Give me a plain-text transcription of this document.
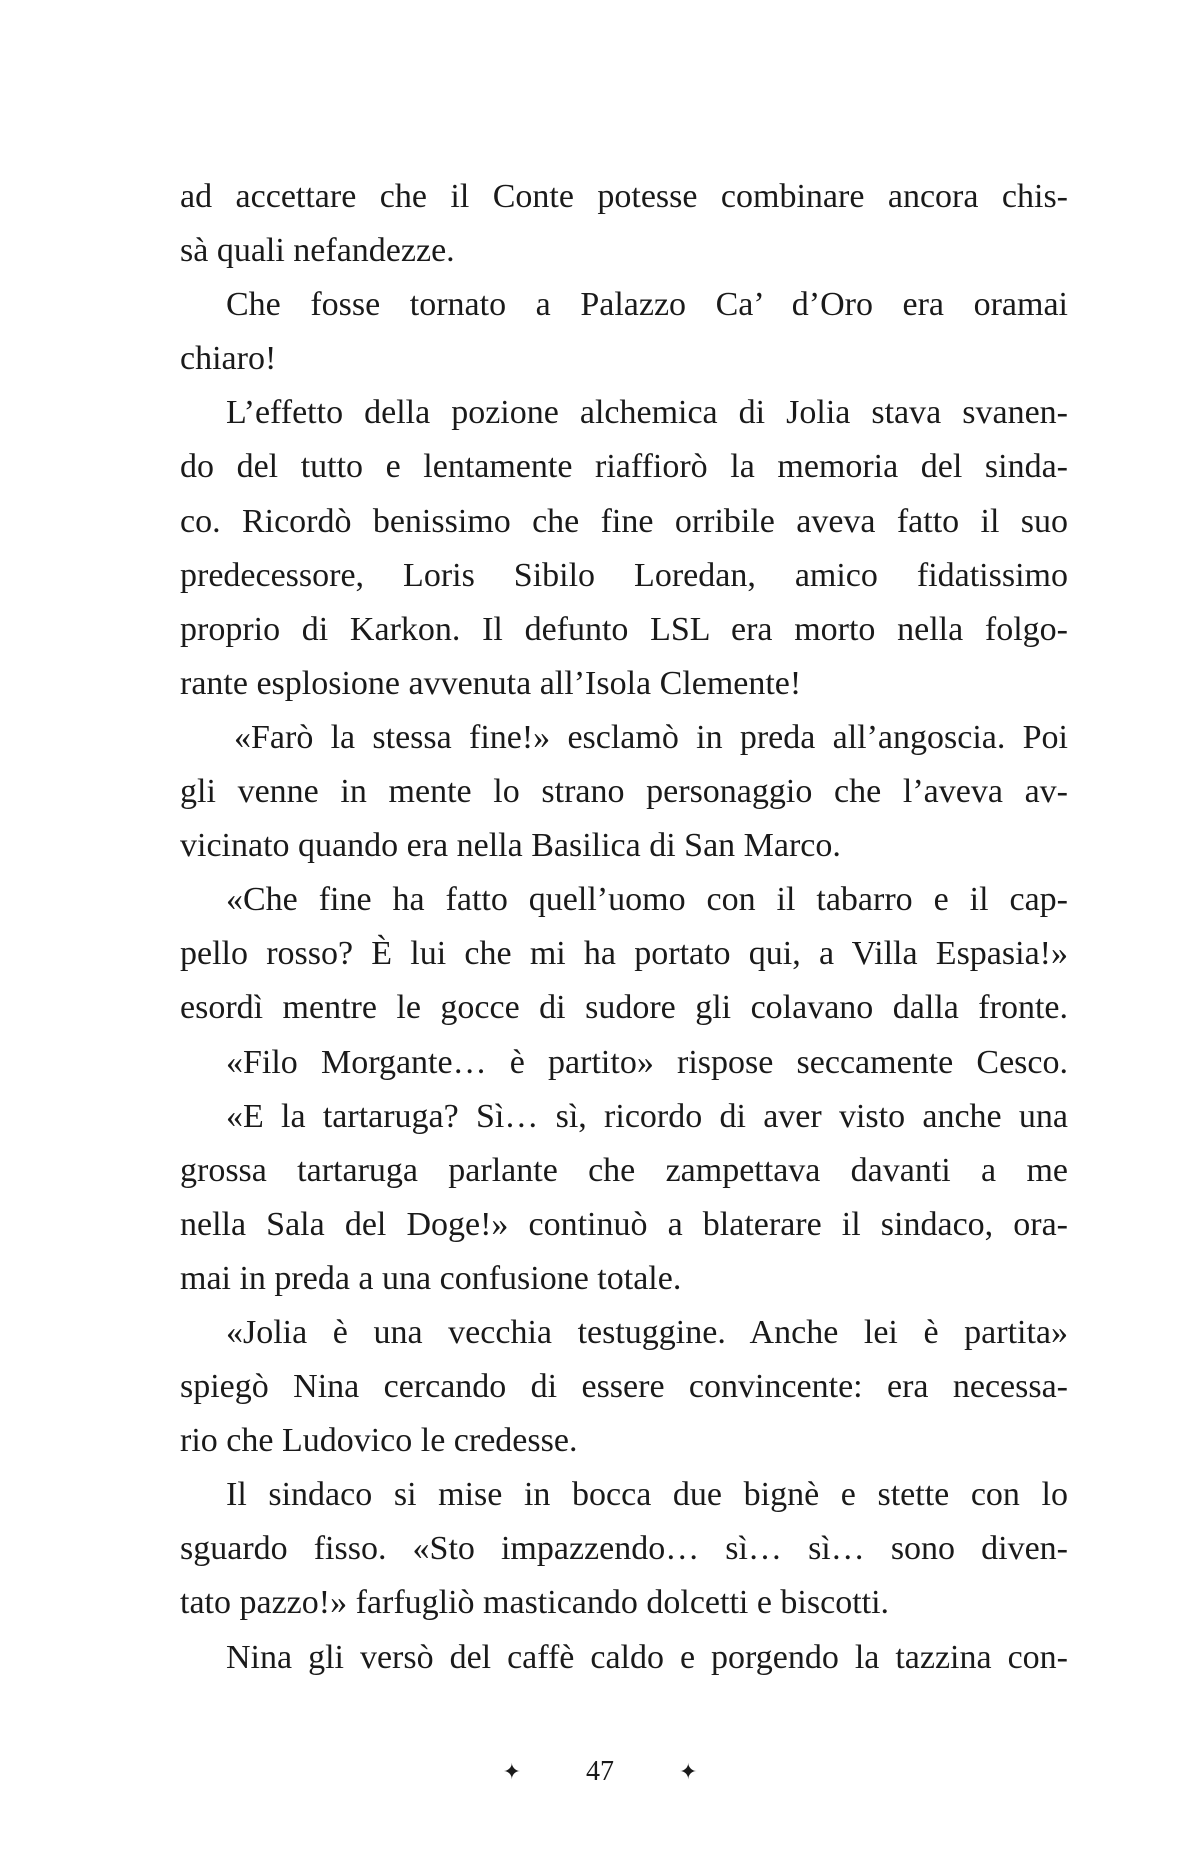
ad accettare che il Conte potesse combinare ancora chis-
sà quali nefandezze.
Che fosse tornato a Palazzo Ca’ d’Oro era oramai
chiaro!
L’effetto della pozione alchemica di Jolia stava svanen-
do del tutto e lentamente riaffiorò la memoria del sinda-
co. Ricordò benissimo che fine orribile aveva fatto il suo
predecessore, Loris Sibilo Loredan, amico fidatissimo
proprio di Karkon. Il defunto LSL era morto nella folgo-
rante esplosione avvenuta all’Isola Clemente!
«Farò la stessa fine!» esclamò in preda all’angoscia. Poi
gli venne in mente lo strano personaggio che l’aveva av-
vicinato quando era nella Basilica di San Marco.
«Che fine ha fatto quell’uomo con il tabarro e il cap-
pello rosso? È lui che mi ha portato qui, a Villa Espasia!»
esordì mentre le gocce di sudore gli colavano dalla fronte.
«Filo Morgante… è partito» rispose seccamente Cesco.
«E la tartaruga? Sì… sì, ricordo di aver visto anche una
grossa tartaruga parlante che zampettava davanti a me
nella Sala del Doge!» continuò a blaterare il sindaco, ora-
mai in preda a una confusione totale.
«Jolia è una vecchia testuggine. Anche lei è partita»
spiegò Nina cercando di essere convincente: era necessa-
rio che Ludovico le credesse.
Il sindaco si mise in bocca due bignè e stette con lo
sguardo fisso. «Sto impazzendo… sì… sì… sono diven-
tato pazzo!» farfugliò masticando dolcetti e biscotti.
Nina gli versò del caffè caldo e porgendo la tazzina con-
✦ 47	✦
